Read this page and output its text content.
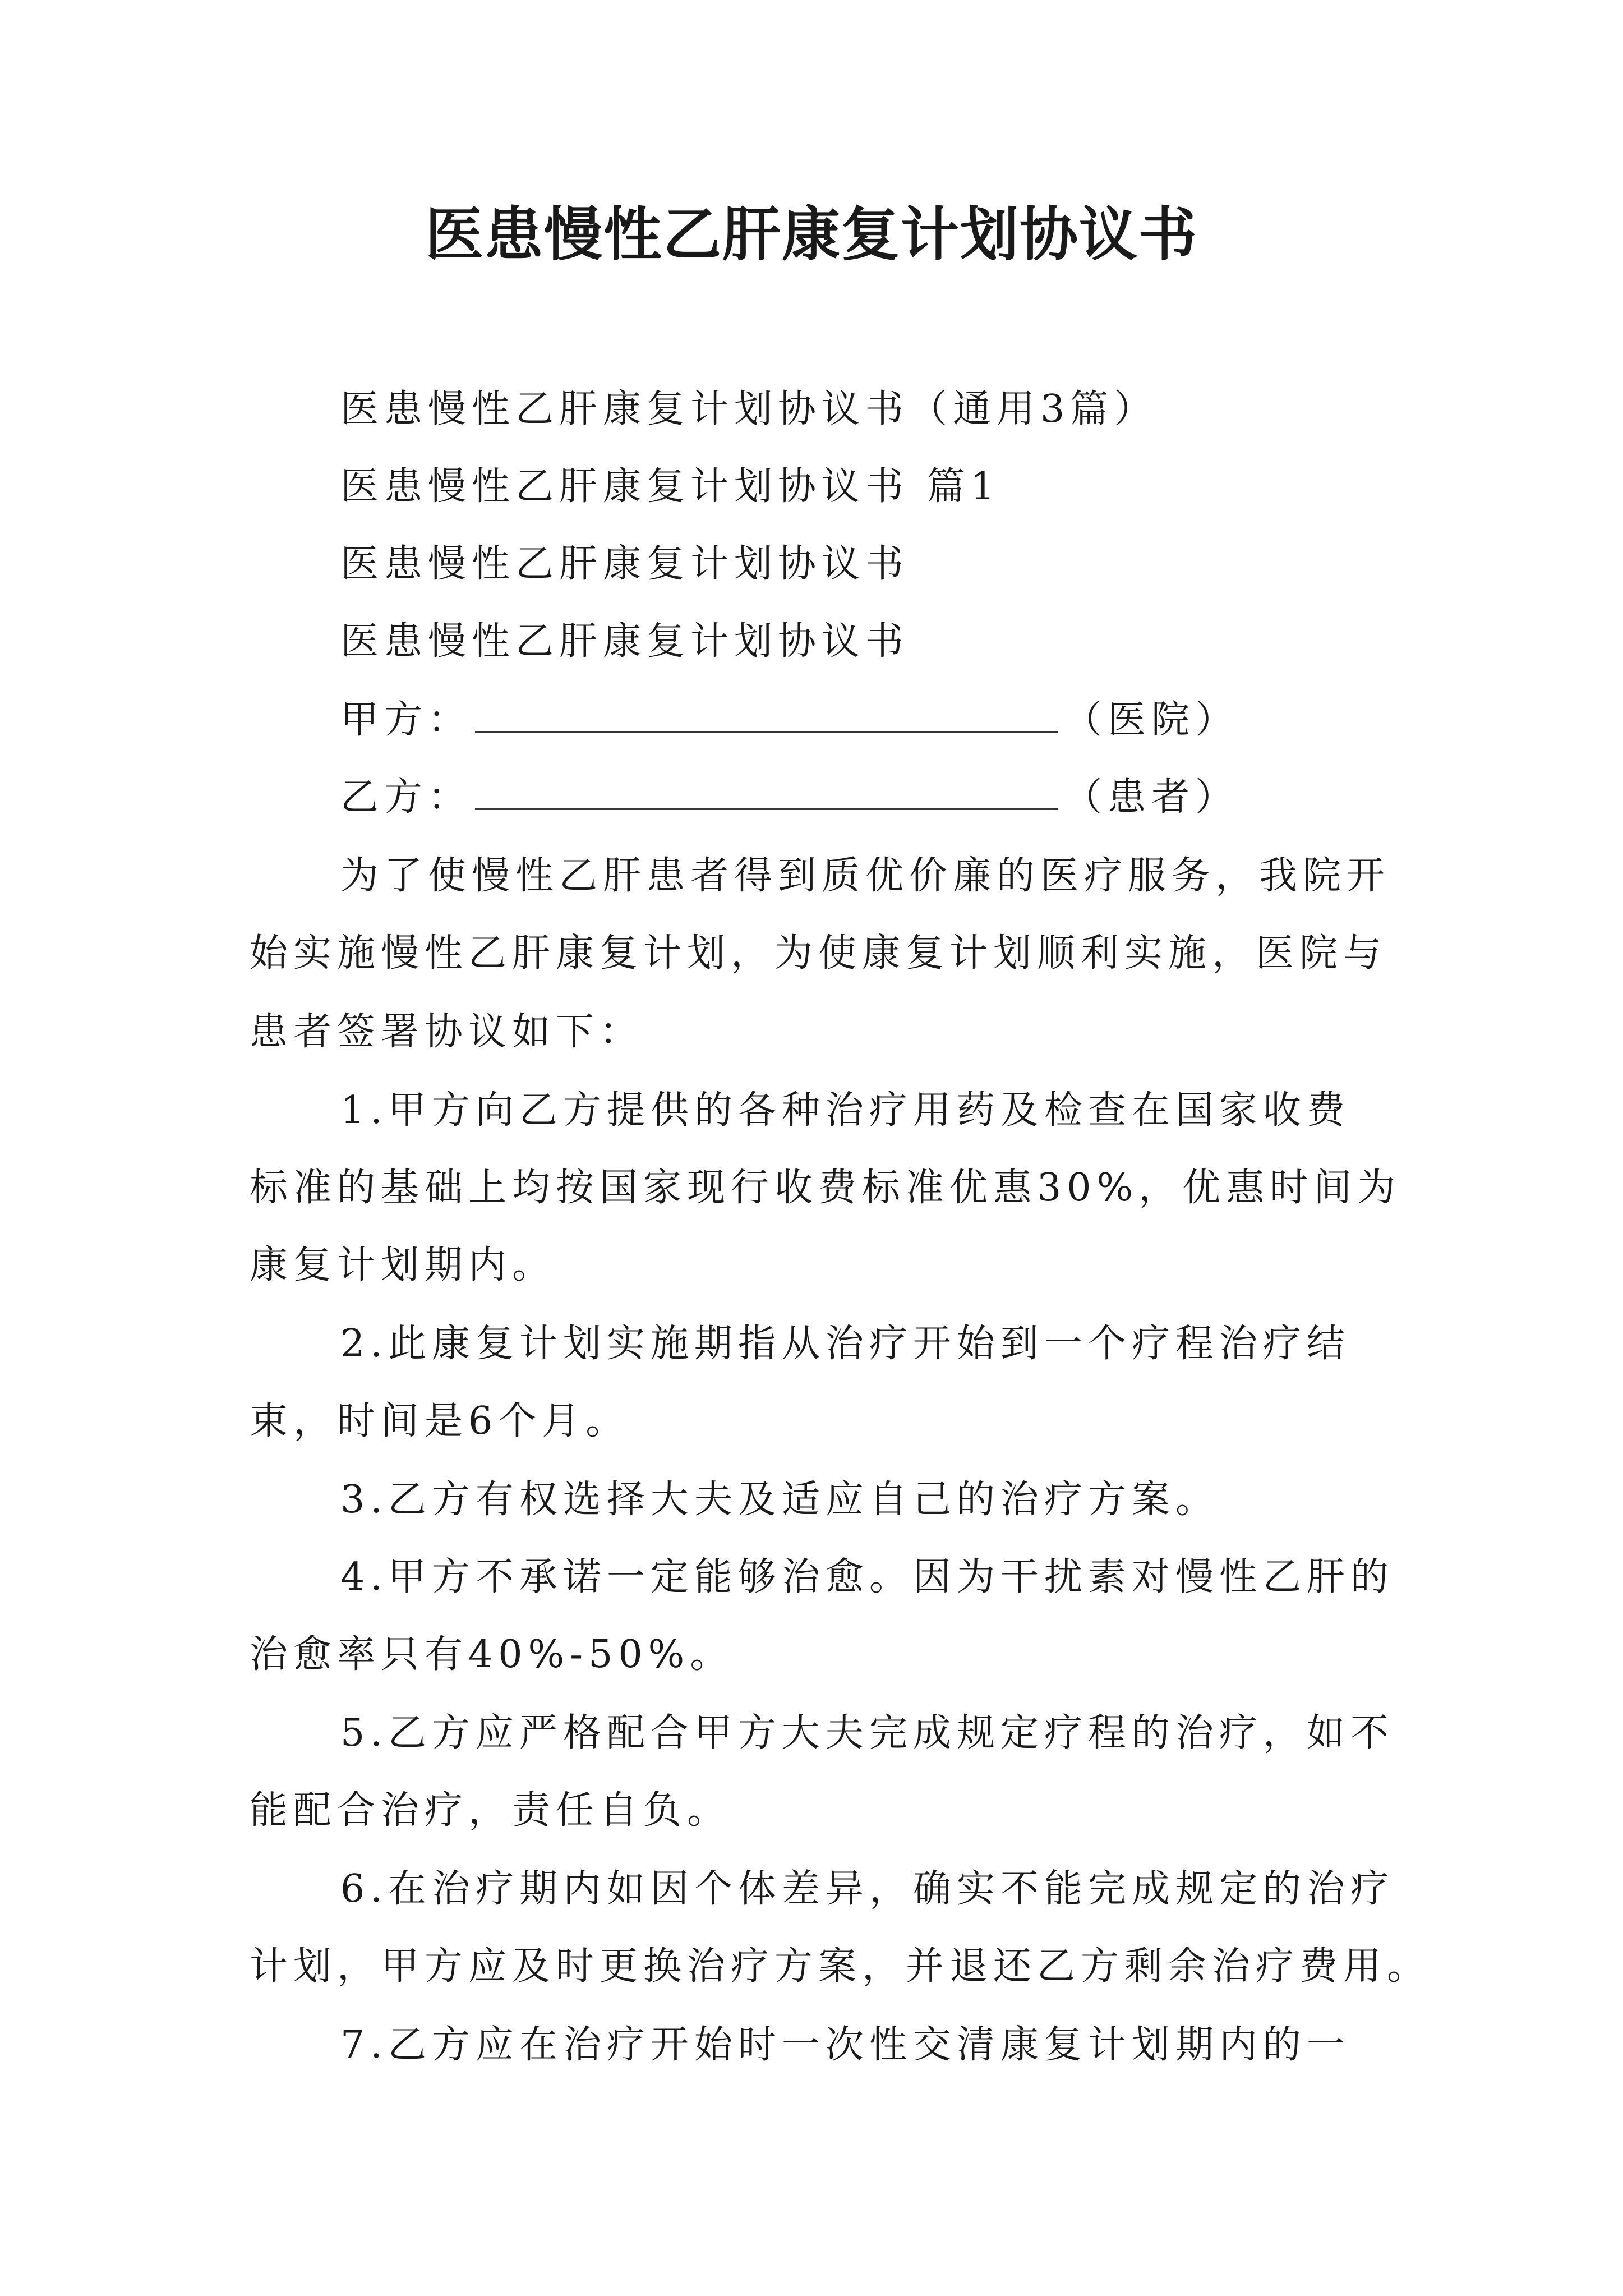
医患慢性乙肝康复计划协议书
医患慢性乙肝康复计划协议书（通用3篇）
医患慢性乙肝康复计划协议书 篇1
医患慢性乙肝康复计划协议书
医患慢性乙肝康复计划协议书
甲方：	（医院）
乙方：	（患者）
为了使慢性乙肝患者得到质优价廉的医疗服务，我院开
始实施慢性乙肝康复计划，为使康复计划顺利实施，医院与
患者签署协议如下：
1.甲方向乙方提供的各种治疗用药及检查在国家收费
标准的基础上均按国家现行收费标准优惠30%，优惠时间为
康复计划期内。
2.此康复计划实施期指从治疗开始到一个疗程治疗结
束，时间是6个月。
3.乙方有权选择大夫及适应自己的治疗方案。
4.甲方不承诺一定能够治愈。因为干扰素对慢性乙肝的
治愈率只有40%-50%。
5.乙方应严格配合甲方大夫完成规定疗程的治疗，如不
能配合治疗，责任自负。
6.在治疗期内如因个体差异，确实不能完成规定的治疗
计划，甲方应及时更换治疗方案，并退还乙方剩余治疗费用。
7.乙方应在治疗开始时一次性交清康复计划期内的一
